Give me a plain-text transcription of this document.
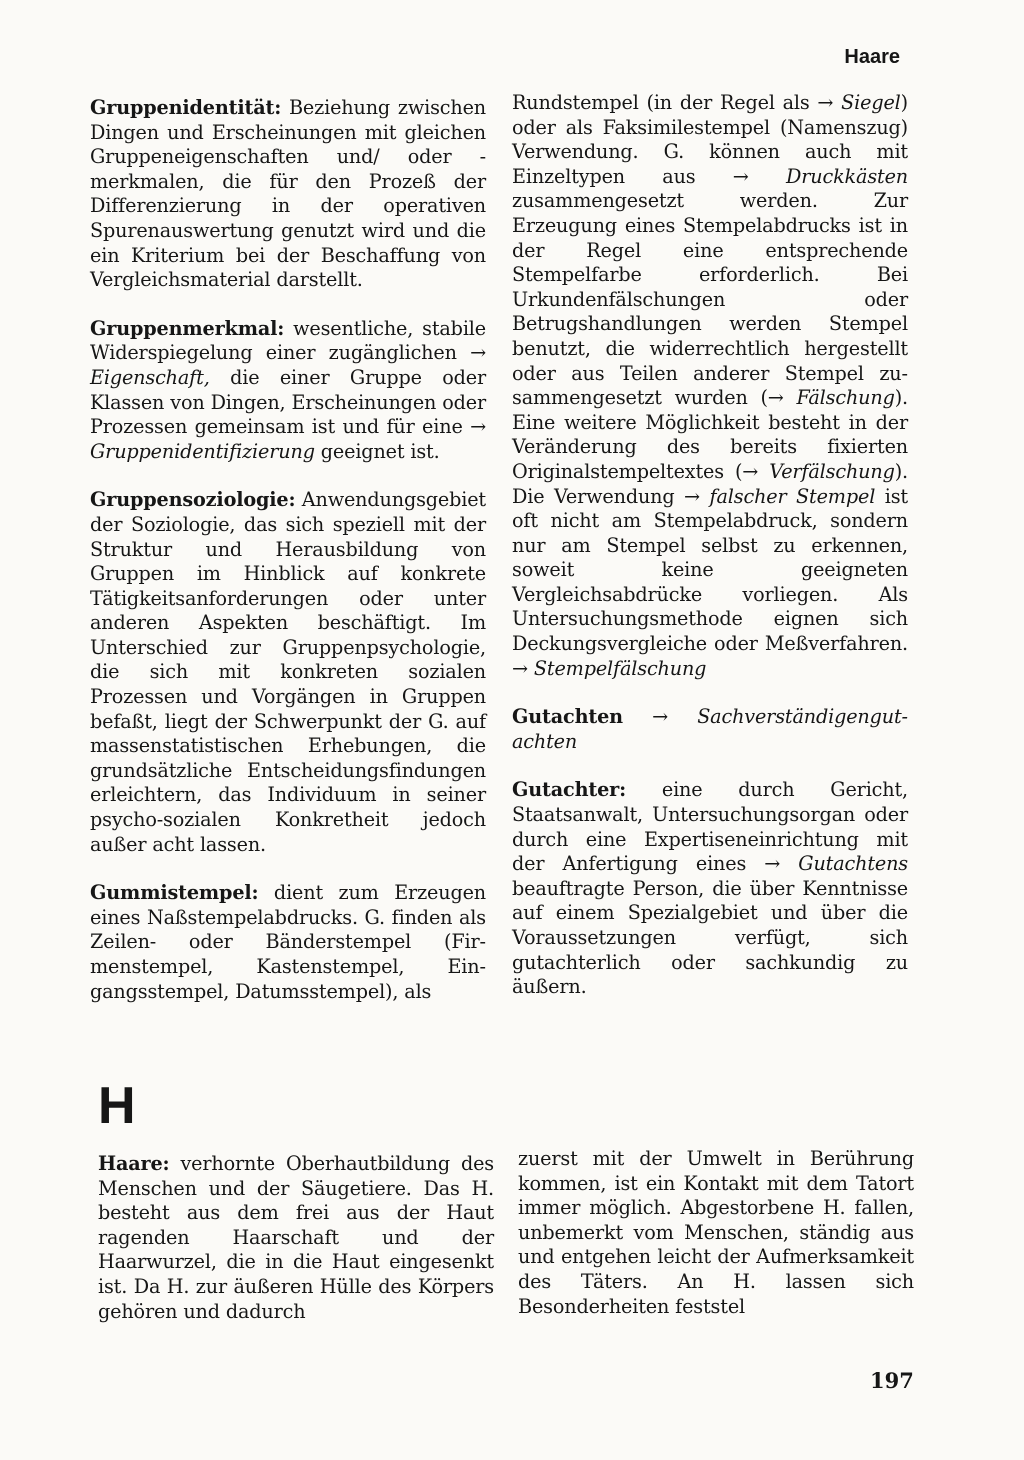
Haare

Gruppenidentität: Beziehung zwischen Dingen und Erscheinungen mit gleichen Gruppeneigenschaften und/ oder -merkmalen, die für den Prozeß der Differenzierung in der operativen Spurenauswertung genutzt wird und die ein Kriterium bei der Beschaffung von Vergleichsmaterial darstellt.

Gruppenmerkmal: wesentliche, stabile Widerspiegelung einer zugänglichen → Eigenschaft, die einer Gruppe oder Klassen von Dingen, Erscheinungen oder Prozessen gemeinsam ist und für eine → Gruppenidentifizierung geeignet ist.

Gruppensoziologie: Anwendungsgebiet der Soziologie, das sich speziell mit der Struktur und Herausbildung von Gruppen im Hinblick auf konkrete Tätigkeitsanforderungen oder unter anderen Aspekten beschäftigt. Im Unterschied zur Gruppenpsychologie, die sich mit konkreten sozialen Prozessen und Vorgängen in Gruppen befaßt, liegt der Schwerpunkt der G. auf massenstatistischen Erhebungen, die grundsätzliche Entscheidungsfindungen erleichtern, das Individuum in seiner psycho-sozialen Konkretheit jedoch außer acht lassen.

Gummistempel: dient zum Erzeugen eines Naßstempelabdrucks. G. finden als Zeilen- oder Bänderstempel (Firmenstempel, Kastenstempel, Eingangsstempel, Datumsstempel), als

Rundstempel (in der Regel als → Siegel) oder als Faksimilestempel (Namenszug) Verwendung. G. können auch mit Einzeltypen aus → Druckkästen zusammengesetzt werden. Zur Erzeugung eines Stempelabdrucks ist in der Regel eine entsprechende Stempelfarbe erforderlich. Bei Urkundenfälschungen oder Betrugshandlungen werden Stempel benutzt, die widerrechtlich hergestellt oder aus Teilen anderer Stempel zusammengesetzt wurden (→ Fälschung). Eine weitere Möglichkeit besteht in der Veränderung des bereits fixierten Originalstempeltextes (→ Verfälschung). Die Verwendung → falscher Stempel ist oft nicht am Stempelabdruck, sondern nur am Stempel selbst zu erkennen, soweit keine geeigneten Vergleichsabdrücke vorliegen. Als Untersuchungsmethode eignen sich Deckungsvergleiche oder Meßverfahren. → Stempelfälschung

Gutachten → Sachverständigengutachten

Gutachter: eine durch Gericht, Staatsanwalt, Untersuchungsorgan oder durch eine Expertiseneinrichtung mit der Anfertigung eines → Gutachtens beauftragte Person, die über Kenntnisse auf einem Spezialgebiet und über die Voraussetzungen verfügt, sich gutachterlich oder sachkundig zu äußern.

H

Haare: verhornte Oberhautbildung des Menschen und der Säugetiere. Das H. besteht aus dem frei aus der Haut ragenden Haarschaft und der Haarwurzel, die in die Haut eingesenkt ist. Da H. zur äußeren Hülle des Körpers gehören und dadurch

zuerst mit der Umwelt in Berührung kommen, ist ein Kontakt mit dem Tatort immer möglich. Abgestorbene H. fallen, unbemerkt vom Menschen, ständig aus und entgehen leicht der Aufmerksamkeit des Täters. An H. lassen sich Besonderheiten feststel

197
